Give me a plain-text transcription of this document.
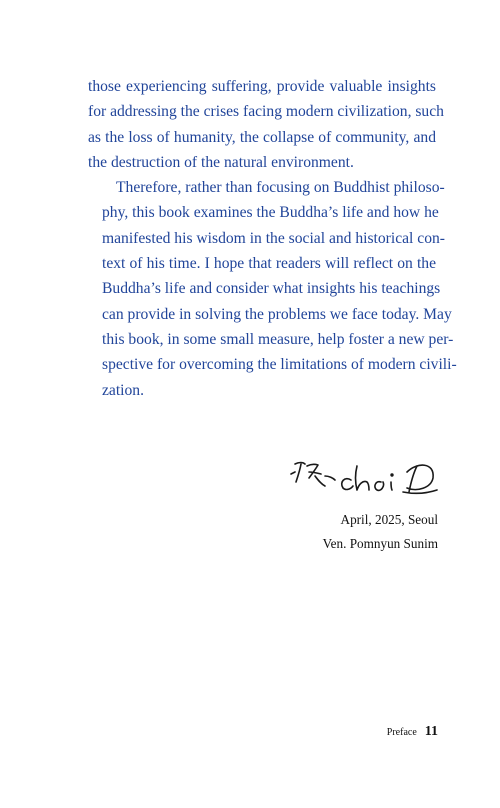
those experiencing suffering, provide valuable insights
for addressing the crises facing modern civilization, such
as the loss of humanity, the collapse of community, and
the destruction of the natural environment.

Therefore, rather than focusing on Buddhist philoso-
phy, this book examines the Buddha’s life and how he
manifested his wisdom in the social and historical con-
text of his time. I hope that readers will reflect on the
Buddha’s life and consider what insights his teachings
can provide in solving the problems we face today. May
this book, in some small measure, help foster a new per-
spective for overcoming the limitations of modern civili-
zation.

April, 2025, Seoul
Ven. Pomnyun Sunim
Preface 11
